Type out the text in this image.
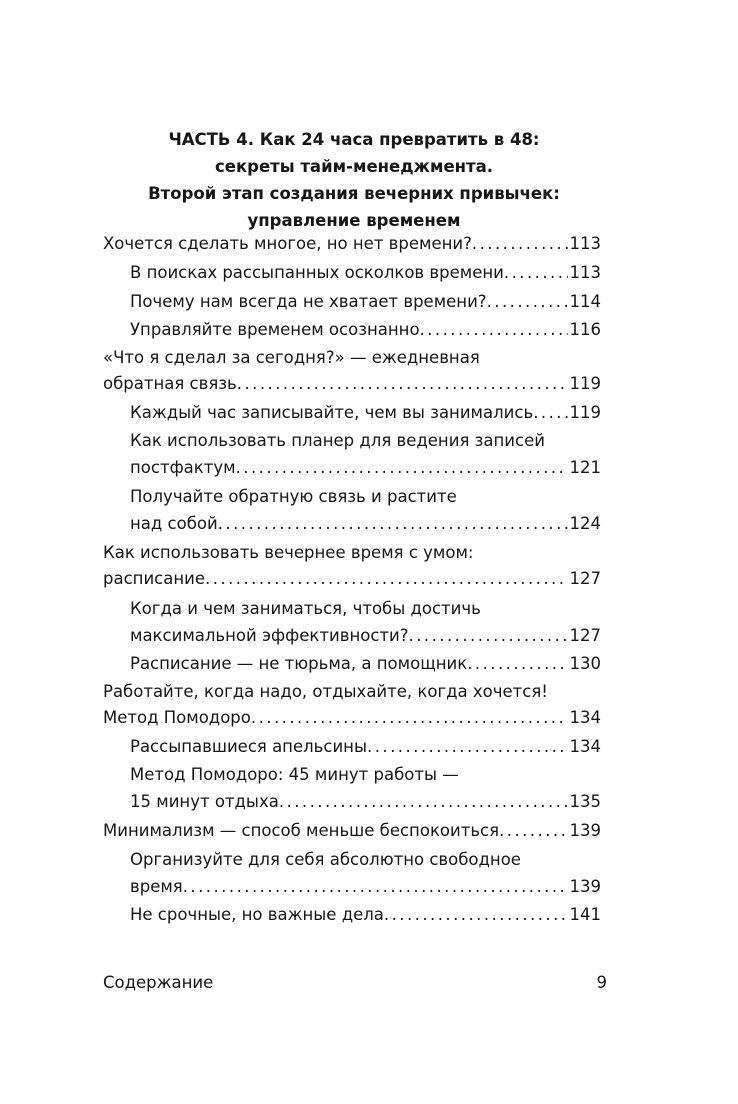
ЧАСТЬ 4. Как 24 часа превратить в 48:
секреты тайм-менеджмента.
Второй этап создания вечерних привычек:
управление временем
Хочется сделать многое, но нет времени? . . .	113
В поисках рассыпанных осколков времени . . .	113
Почему нам всегда не хватает времени? . . .	114
Управляйте временем осознанно . . .	116
«Что я сделал за сегодня?» — ежедневная
обратная связь . . .	119
Каждый час записывайте, чем вы занимались . . . 119
Как использовать планер для ведения записей
постфактум . . .	121
Получайте обратную связь и растите
над собой . . .	124
Как использовать вечернее время с умом:
расписание . . .	127
Когда и чем заниматься, чтобы достичь
максимальной эффективности? . . .	127
Расписание — не тюрьма, а помощник . . .	130
Работайте, когда надо, отдыхайте, когда хочется!
Метод Помодоро . . .	134
Рассыпавшиеся апельсины . . .	134
Метод Помодоро: 45 минут работы —
15 минут отдыха . . .	135
Минимализм — способ меньше беспокоиться . . .	139
Организуйте для себя абсолютно свободное
время . . .	139
Не срочные, но важные дела . . .	141
Содержание	9
